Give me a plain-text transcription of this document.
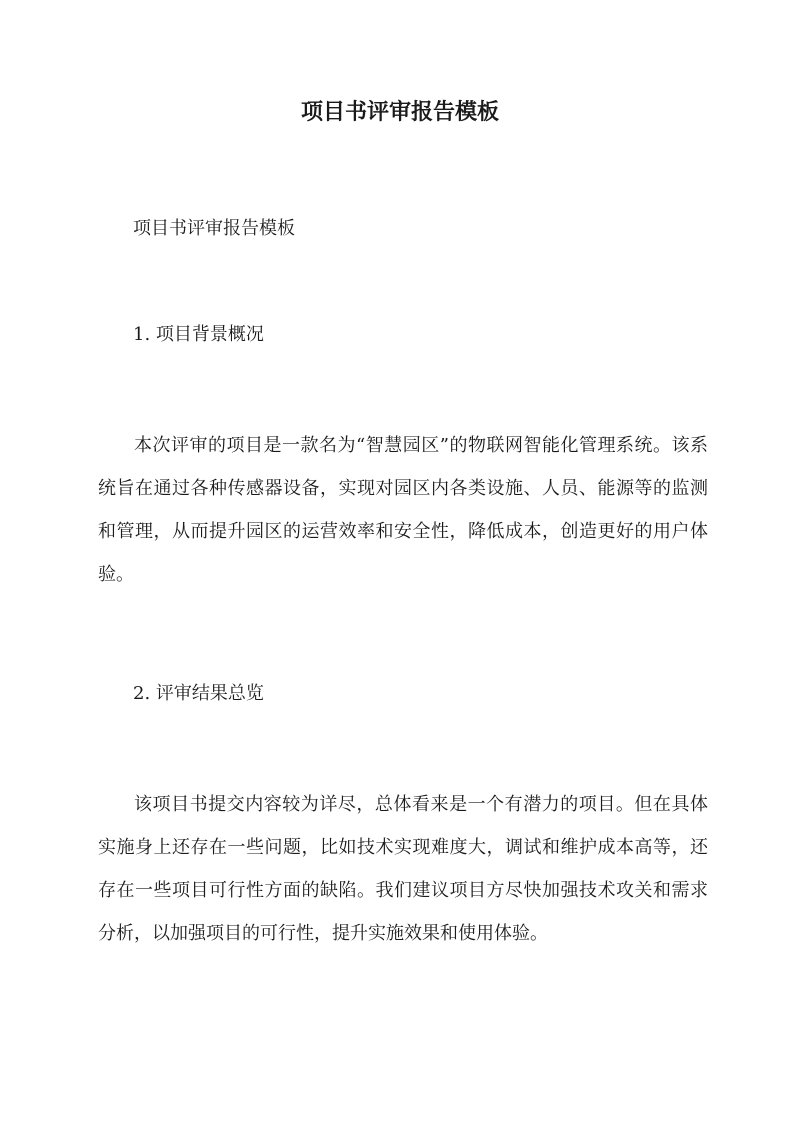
项目书评审报告模板

项目书评审报告模板

1. 项目背景概况

本次评审的项目是一款名为“智慧园区”的物联网智能化管理系统。该系统旨在通过各种传感器设备，实现对园区内各类设施、人员、能源等的监测和管理，从而提升园区的运营效率和安全性，降低成本，创造更好的用户体验。

2. 评审结果总览

该项目书提交内容较为详尽，总体看来是一个有潜力的项目。但在具体实施身上还存在一些问题，比如技术实现难度大，调试和维护成本高等，还存在一些项目可行性方面的缺陷。我们建议项目方尽快加强技术攻关和需求分析，以加强项目的可行性，提升实施效果和使用体验。
